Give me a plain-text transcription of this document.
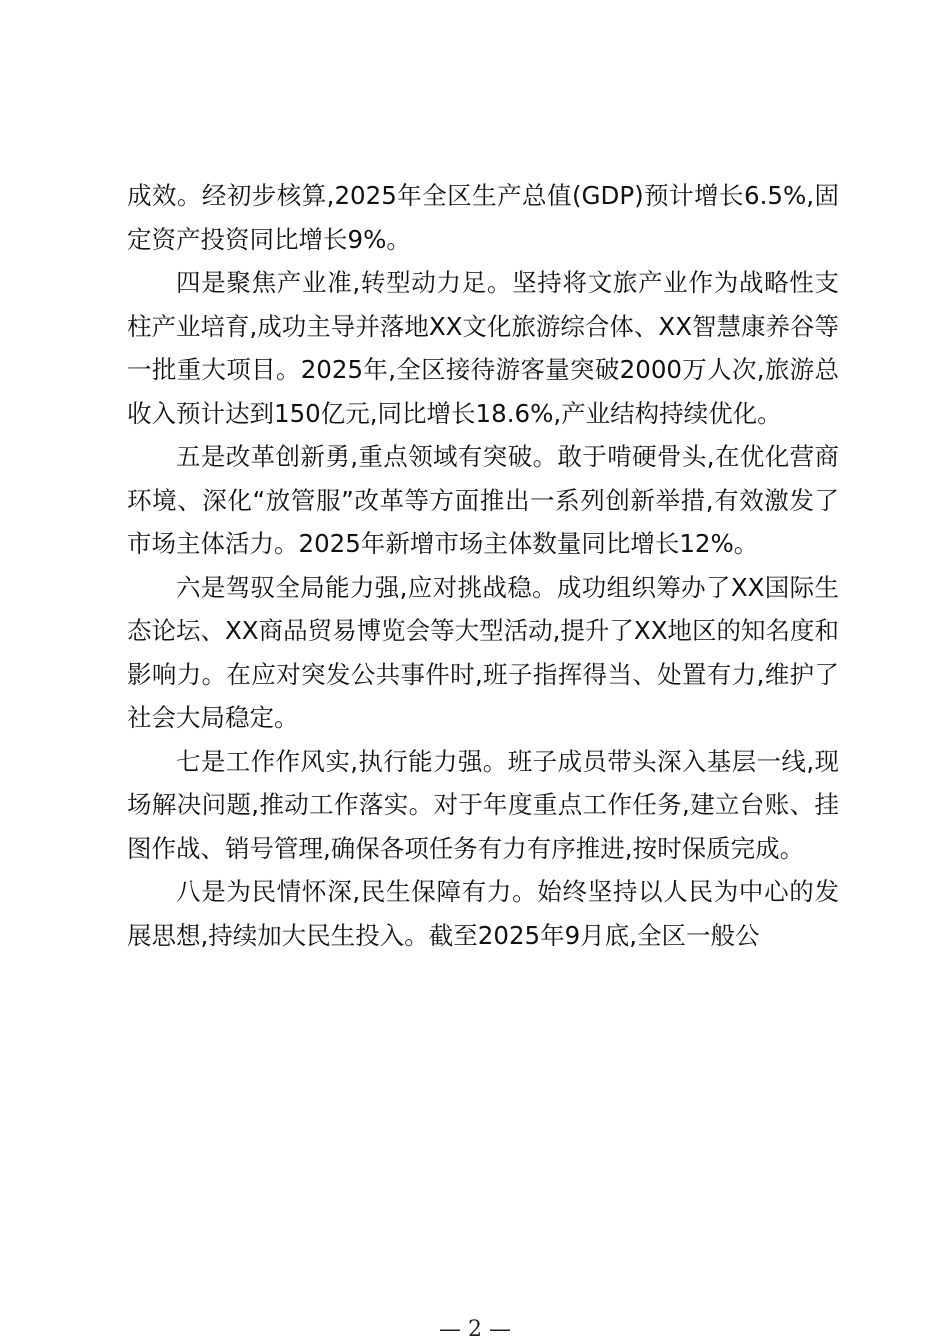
成效。经初步核算,2025年全区生产总值(GDP)预计增长6.5%,固定资产投资同比增长9%。

四是聚焦产业准,转型动力足。坚持将文旅产业作为战略性支柱产业培育,成功主导并落地XX文化旅游综合体、XX智慧康养谷等一批重大项目。2025年,全区接待游客量突破2000万人次,旅游总收入预计达到150亿元,同比增长18.6%,产业结构持续优化。

五是改革创新勇,重点领域有突破。敢于啃硬骨头,在优化营商环境、深化“放管服”改革等方面推出一系列创新举措,有效激发了市场主体活力。2025年新增市场主体数量同比增长12%。

六是驾驭全局能力强,应对挑战稳。成功组织筹办了XX国际生态论坛、XX商品贸易博览会等大型活动,提升了XX地区的知名度和影响力。在应对突发公共事件时,班子指挥得当、处置有力,维护了社会大局稳定。

七是工作作风实,执行能力强。班子成员带头深入基层一线,现场解决问题,推动工作落实。对于年度重点工作任务,建立台账、挂图作战、销号管理,确保各项任务有力有序推进,按时保质完成。

八是为民情怀深,民生保障有力。始终坚持以人民为中心的发展思想,持续加大民生投入。截至2025年9月底,全区一般公

— 2 —
